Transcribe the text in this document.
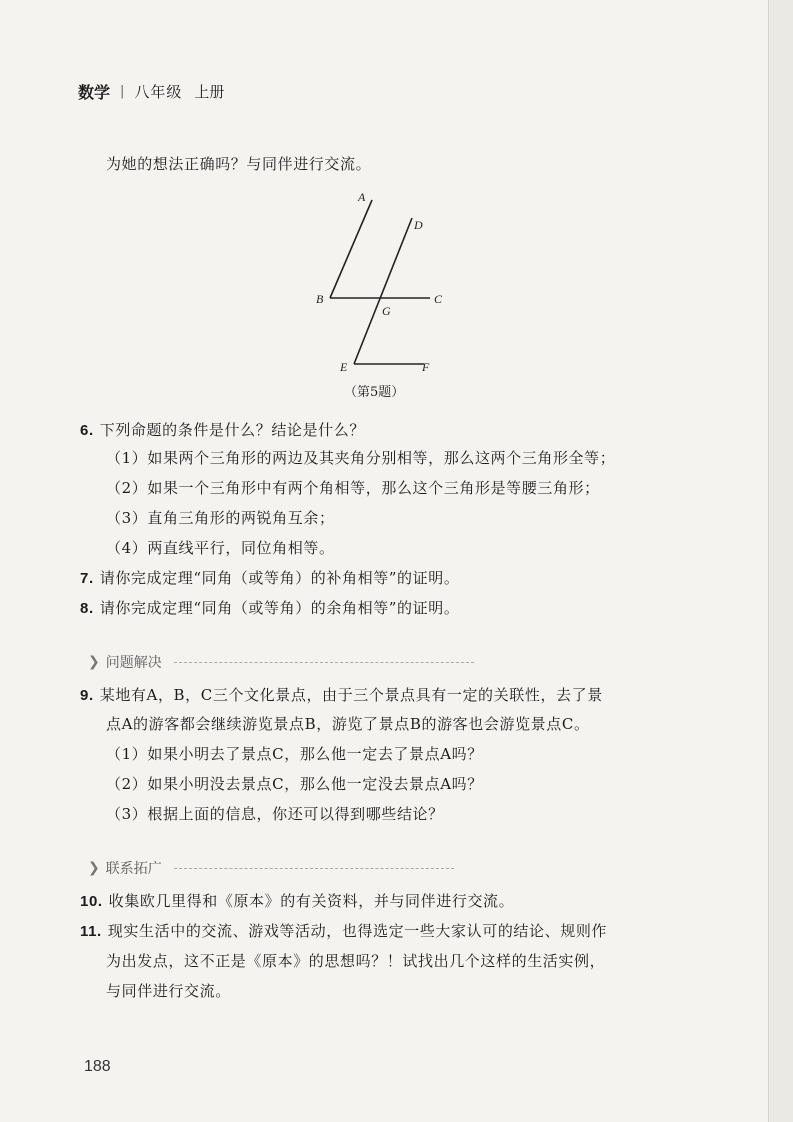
数学 | 八年级 上册
为她的想法正确吗？与同伴进行交流。
A
D
B
G
C
E	F
（第5题）
6. 下列命题的条件是什么？结论是什么？
（1）如果两个三角形的两边及其夹角分别相等，那么这两个三角形全等；
（2）如果一个三角形中有两个角相等，那么这个三角形是等腰三角形；
（3）直角三角形的两锐角互余；
（4）两直线平行，同位角相等。
7. 请你完成定理“同角（或等角）的补角相等”的证明。
8. 请你完成定理“同角（或等角）的余角相等”的证明。
❯ 问题解决
9. 某地有A，B，C三个文化景点，由于三个景点具有一定的关联性，去了景
点A的游客都会继续游览景点B，游览了景点B的游客也会游览景点C。
（1）如果小明去了景点C，那么他一定去了景点A吗？
（2）如果小明没去景点C，那么他一定没去景点A吗？
（3）根据上面的信息，你还可以得到哪些结论？
❯ 联系拓广
10. 收集欧几里得和《原本》的有关资料，并与同伴进行交流。
11. 现实生活中的交流、游戏等活动，也得选定一些大家认可的结论、规则作
为出发点，这不正是《原本》的思想吗？！试找出几个这样的生活实例，
与同伴进行交流。
188
